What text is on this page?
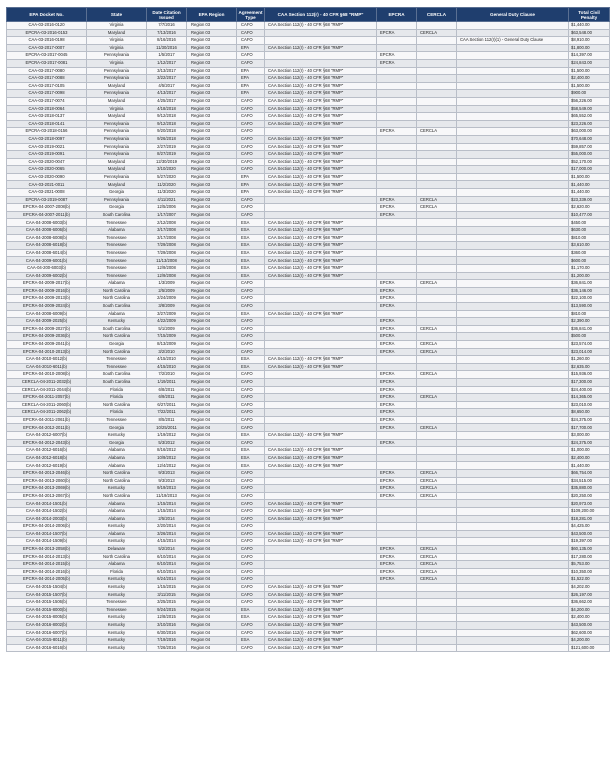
EPA Docket No.	State	Date Citation Issued	EPA Region	Agreement Type	CAA Section 112(r) - 40 CFR §68 "RMP"	EPCRA	CERCLA	General Duty Clause	Total Civil Penalty
CAA-03-2016-0120	Virginia	7/7/2016	Region 03	CAFO	CAA Section 112(r) - 40 CFR §68 "RMP"				$1,440.00
EPCRA-03-2016-0153	Maryland	7/13/2016	Region 03	CAFO		EPCRA	CERCLA		$63,548.00
CAA-03-2016-0198	Virginia	8/16/2016	Region 03	CAFO				CAA Section 112(r)(1) - General Duty Clause	$8,910.00
CAA-03-2017-0007	Virginia	11/30/2016	Region 03	EPA	CAA Section 112(r) - 40 CFR §68 "RMP"				$1,800.00
EPCRA-03-2017-0045	Pennsylvania	1/5/2017	Region 03	CAFO		EPCRA			$14,397.00
EPCRA-03-2017-0081	Virginia	1/12/2017	Region 03	CAFO		EPCRA			$24,843.00
CAA-03-2017-0080	Pennsylvania	3/13/2017	Region 03	EPA	CAA Section 112(r) - 40 CFR §68 "RMP"				$1,500.00
CAA-03-2017-0088	Pennsylvania	3/22/2017	Region 03	EPA	CAA Section 112(r) - 40 CFR §68 "RMP"				$2,400.00
CAA-03-2017-0105	Maryland	4/5/2017	Region 03	EPA	CAA Section 112(r) - 40 CFR §68 "RMP"				$1,500.00
CAA-03-2017-0098	Pennsylvania	4/13/2017	Region 03	EPA	CAA Section 112(r) - 40 CFR §68 "RMP"				$900.00
CAA-03-2017-0074	Maryland	4/25/2017	Region 03	CAFO	CAA Section 112(r) - 40 CFR §68 "RMP"				$56,226.00
CAA-03-2018-0064	Virginia	4/18/2018	Region 03	CAFO	CAA Section 112(r) - 40 CFR §68 "RMP"				$58,549.00
CAA-03-2018-0137	Maryland	9/12/2018	Region 03	CAFO	CAA Section 112(r) - 40 CFR §68 "RMP"				$65,552.00
CAA-03-2018-0141	Pennsylvania	9/12/2018	Region 03	CAFO	CAA Section 112(r) - 40 CFR §68 "RMP"				$23,226.00
EPCRA-03-2018-0156	Pennsylvania	9/20/2018	Region 03	CAFO		EPCRA	CERCLA		$63,000.00
CAA-03-2018-0097	Pennsylvania	9/26/2018	Region 03	CAFO	CAA Section 112(r) - 40 CFR §68 "RMP"				$70,648.00
CAA-03-2019-0021	Pennsylvania	2/27/2019	Region 03	CAFO	CAA Section 112(r) - 40 CFR §68 "RMP"				$59,857.00
CAA-03-2019-0091	Pennsylvania	8/27/2019	Region 03	CAFO	CAA Section 112(r) - 40 CFR §68 "RMP"				$55,000.00
CAA-03-2020-0047	Maryland	12/30/2019	Region 03	CAFO	CAA Section 112(r) - 40 CFR §68 "RMP"				$52,170.00
CAA-03-2020-0065	Maryland	3/10/2020	Region 03	CAFO	CAA Section 112(r) - 40 CFR §68 "RMP"				$17,000.00
CAA-03-2020-0090	Pennsylvania	5/27/2020	Region 03	EPA	CAA Section 112(r) - 40 CFR §68 "RMP"				$1,500.00
CAA-03-2021-0011	Maryland	11/2/2020	Region 03	EPA	CAA Section 112(r) - 40 CFR §68 "RMP"				$1,440.00
CAA-03-2021-0008	Georgia	11/3/2020	Region 03	EPA	CAA Section 112(r) - 40 CFR §68 "RMP"				$1,440.00
EPCRA-03-2019-0087	Pennsylvania	4/11/2021	Region 03	CAFO		EPCRA	CERCLA		$23,339.00
EPCRA-04-2007-2008(b)	Georgia	12/5/2006	Region 04	CAFO		EPCRA	CERCLA		$2,620.00
EPCRA-04-2007-2011(b)	South Carolina	1/17/2007	Region 04	CAFO		EPCRA			$10,477.00
CAA-04-2008-6003(b)	Tennessee	2/12/2008	Region 04	ESA	CAA Section 112(r) - 40 CFR §68 "RMP"				$450.00
CAA-04-2008-6006(b)	Alabama	3/17/2008	Region 04	ESA	CAA Section 112(r) - 40 CFR §68 "RMP"				$630.00
CAA-04-2008-6008(b)	Tennessee	3/17/2008	Region 04	ESA	CAA Section 112(r) - 40 CFR §68 "RMP"				$810.00
CAA-04-2008-6018(b)	Tennessee	7/29/2008	Region 04	ESA	CAA Section 112(r) - 40 CFR §68 "RMP"				$3,610.00
CAA-04-2008-6014(b)	Tennessee	7/29/2008	Region 04	ESA	CAA Section 112(r) - 40 CFR §68 "RMP"				$360.00
CAA-04-2009-6001(b)	Tennessee	11/13/2008	Region 04	ESA	CAA Section 112(r) - 40 CFR §68 "RMP"				$600.00
CAA-04-200-6003(b)	Tennessee	12/9/2008	Region 04	ESA	CAA Section 112(r) - 40 CFR §68 "RMP"				$1,170.00
CAA-04-2009-6002(b)	Tennessee	12/9/2008	Region 04	ESA	CAA Section 112(r) - 40 CFR §68 "RMP"				$1,200.00
EPCRA-04-2009-2017(b)	Alabama	1/3/2009	Region 04	CAFO		EPCRA	CERCLA		$36,841.00
EPCRA-04-2009-2016(b)	North Carolina	2/5/2009	Region 04	CAFO		EPCRA			$36,146.00
EPCRA-04-2009-2013(b)	North Carolina	2/24/2009	Region 04	CAFO		EPCRA			$22,100.00
EPCRA-04-2009-2024(b)	South Carolina	3/8/2009	Region 04	CAFO		EPCRA			$13,590.00
CAA-04-2008-6009(b)	Alabama	3/27/2009	Region 04	ESA	CAA Section 112(r) - 40 CFR §68 "RMP"				$810.00
CAA-04-2009-2025(b)	Kentucky	4/22/2009	Region 04	CAFO		EPCRA			$2,390.00
EPCRA-04-2009-2027(b)	South Carolina	5/1/2009	Region 04	CAFO		EPCRA	CERCLA		$36,841.00
EPCRA-04-2009-2036(b)	North Carolina	7/15/2009	Region 04	CAFO		EPCRA			$500.00
EPCRA-04-2009-2041(b)	Georgia	8/13/2009	Region 04	CAFO		EPCRA	CERCLA		$23,574.00
EPCRA-04-2010-2013(b)	North Carolina	3/2/2010	Region 04	CAFO		EPCRA	CERCLA		$23,014.00
CAA-04-2010-6012(b)	Tennessee	4/15/2010	Region 04	ESA	CAA Section 112(r) - 40 CFR §68 "RMP"				$1,260.00
CAA-04-2010-6011(b)	Tennessee	4/15/2010	Region 04	ESA	CAA Section 112(r) - 40 CFR §68 "RMP"				$2,635.00
EPCRA-04-2010-2008(b)	South Carolina	7/2/2010	Region 04	CAFO		EPCRA	CERCLA		$15,936.00
CERCLA-04-2011-2032(b)	South Carolina	1/19/2011	Region 04	CAFO		EPCRA			$17,300.00
CERCLA-04-2011-2044(b)	Florida	6/8/2011	Region 04	CAFO		EPCRA			$24,400.00
EPCRA-04-2011-2057(b)	Florida	6/9/2011	Region 04	CAFO		EPCRA	CERCLA		$14,365.00
CERCLA-04-2011-2060(b)	North Carolina	6/27/2011	Region 04	CAFO		EPCRA			$23,010.00
CERCLA-04-2011-2062(b)	Florida	7/22/2011	Region 04	CAFO		EPCRA			$8,650.00
EPCRA-04-2011-2061(b)	Tennessee	8/5/2011	Region 04	CAFO		EPCRA			$24,375.00
EPCRA-04-2012-2011(b)	Georgia	10/25/2011	Region 04	CAFO		EPCRA	CERCLA		$17,700.00
CAA-04-2012-6007(b)	Kentucky	1/19/2012	Region 04	ESA	CAA Section 112(r) - 40 CFR §68 "RMP"				$3,000.00
EPCRA-04-2012-2043(b)	Georgia	5/3/2012	Region 04	CAFO		EPCRA			$24,375.00
CAA-04-2012-6016(b)	Alabama	8/16/2012	Region 04	ESA	CAA Section 112(r) - 40 CFR §68 "RMP"				$1,000.00
CAA-04-2012-6018(b)	Alabama	10/9/2012	Region 04	ESA	CAA Section 112(r) - 40 CFR §68 "RMP"				$2,400.00
CAA-04-2012-6019(b)	Alabama	12/4/2012	Region 04	ESA	CAA Section 112(r) - 40 CFR §68 "RMP"				$1,440.00
EPCRA-04-2013-2046(b)	North Carolina	9/3/2013	Region 04	CAFO		EPCRA	CERCLA		$66,754.00
EPCRA-04-2013-2060(b)	North Carolina	9/3/2013	Region 04	CAFO		EPCRA	CERCLA		$34,515.00
EPCRA-04-2013-2069(b)	Kentucky	9/19/2013	Region 04	CAFO		EPCRA	CERCLA		$35,880.00
EPCRA-04-2013-2067(b)	North Carolina	11/19/2013	Region 04	CAFO		EPCRA	CERCLA		$20,250.00
CAA-04-2014-1501(b)	Alabama	1/15/2014	Region 04	CAFO	CAA Section 112(r) - 40 CFR §68 "RMP"				$20,973.00
CAA-04-2014-1502(b)	Alabama	1/15/2014	Region 04	CAFO	CAA Section 112(r) - 40 CFR §68 "RMP"				$109,200.00
CAA-04-2014-2003(b)	Alabama	2/5/2014	Region 04	CAFO	CAA Section 112(r) - 40 CFR §68 "RMP"				$18,281.00
EPCRA-04-2014-2006(b)	Kentucky	2/20/2014	Region 04	CAFO					$4,425.00
CAA-04-2014-1507(b)	Alabama	3/26/2014	Region 04	CAFO	CAA Section 112(r) - 40 CFR §68 "RMP"				$43,500.00
CAA-04-2014-1509(b)	Kentucky	4/15/2014	Region 04	CAFO	CAA Section 112(r) - 40 CFR §68 "RMP"				$19,397.00
EPCRA-04-2013-2058(b)	Delaware	5/2/2014	Region 04	CAFO		EPCRA	CERCLA		$60,135.00
EPCRA-04-2014-2013(b)	North Carolina	6/10/2014	Region 04	CAFO		EPCRA	CERCLA		$17,280.00
EPCRA-04-2014-2015(b)	Alabama	6/10/2014	Region 04	CAFO		EPCRA	CERCLA		$5,753.00
EPCRA-04-2014-2016(b)	Florida	6/10/2014	Region 04	CAFO		EPCRA	CERCLA		$10,350.00
EPCRA-04-2014-2005(b)	Kentucky	6/24/2014	Region 04	CAFO		EPCRA	CERCLA		$1,522.00
CAA-04-2015-1504(b)	Kentucky	1/15/2015	Region 04	CAFO	CAA Section 112(r) - 40 CFR §68 "RMP"				$4,202.00
CAA-04-2015-1507(b)	Kentucky	3/11/2015	Region 04	CAFO	CAA Section 112(r) - 40 CFR §68 "RMP"				$26,197.00
CAA-04-2015-1506(b)	Tennessee	3/25/2015	Region 04	CAFO	CAA Section 112(r) - 40 CFR §68 "RMP"				$36,662.00
CAA-04-2015-8000(b)	Tennessee	9/24/2015	Region 04	ESA	CAA Section 112(r) - 40 CFR §68 "RMP"				$4,200.00
CAA-04-2015-8005(b)	Kentucky	12/8/2015	Region 04	ESA	CAA Section 112(r) - 40 CFR §68 "RMP"				$2,400.00
CAA-04-2016-8002(b)	Kentucky	3/10/2016	Region 04	CAFO	CAA Section 112(r) - 40 CFR §68 "RMP"				$43,500.00
CAA-04-2016-6007(b)	Kentucky	6/30/2016	Region 04	CAFO	CAA Section 112(r) - 40 CFR §68 "RMP"				$62,600.00
CAA-04-2015-8011(b)	Kentucky	7/19/2016	Region 04	ESA	CAA Section 112(r) - 40 CFR §68 "RMP"				$4,200.00
CAA-04-2016-6016(b)	Kentucky	7/26/2016	Region 04	CAFO	CAA Section 112(r) - 40 CFR §68 "RMP"				$121,600.00
